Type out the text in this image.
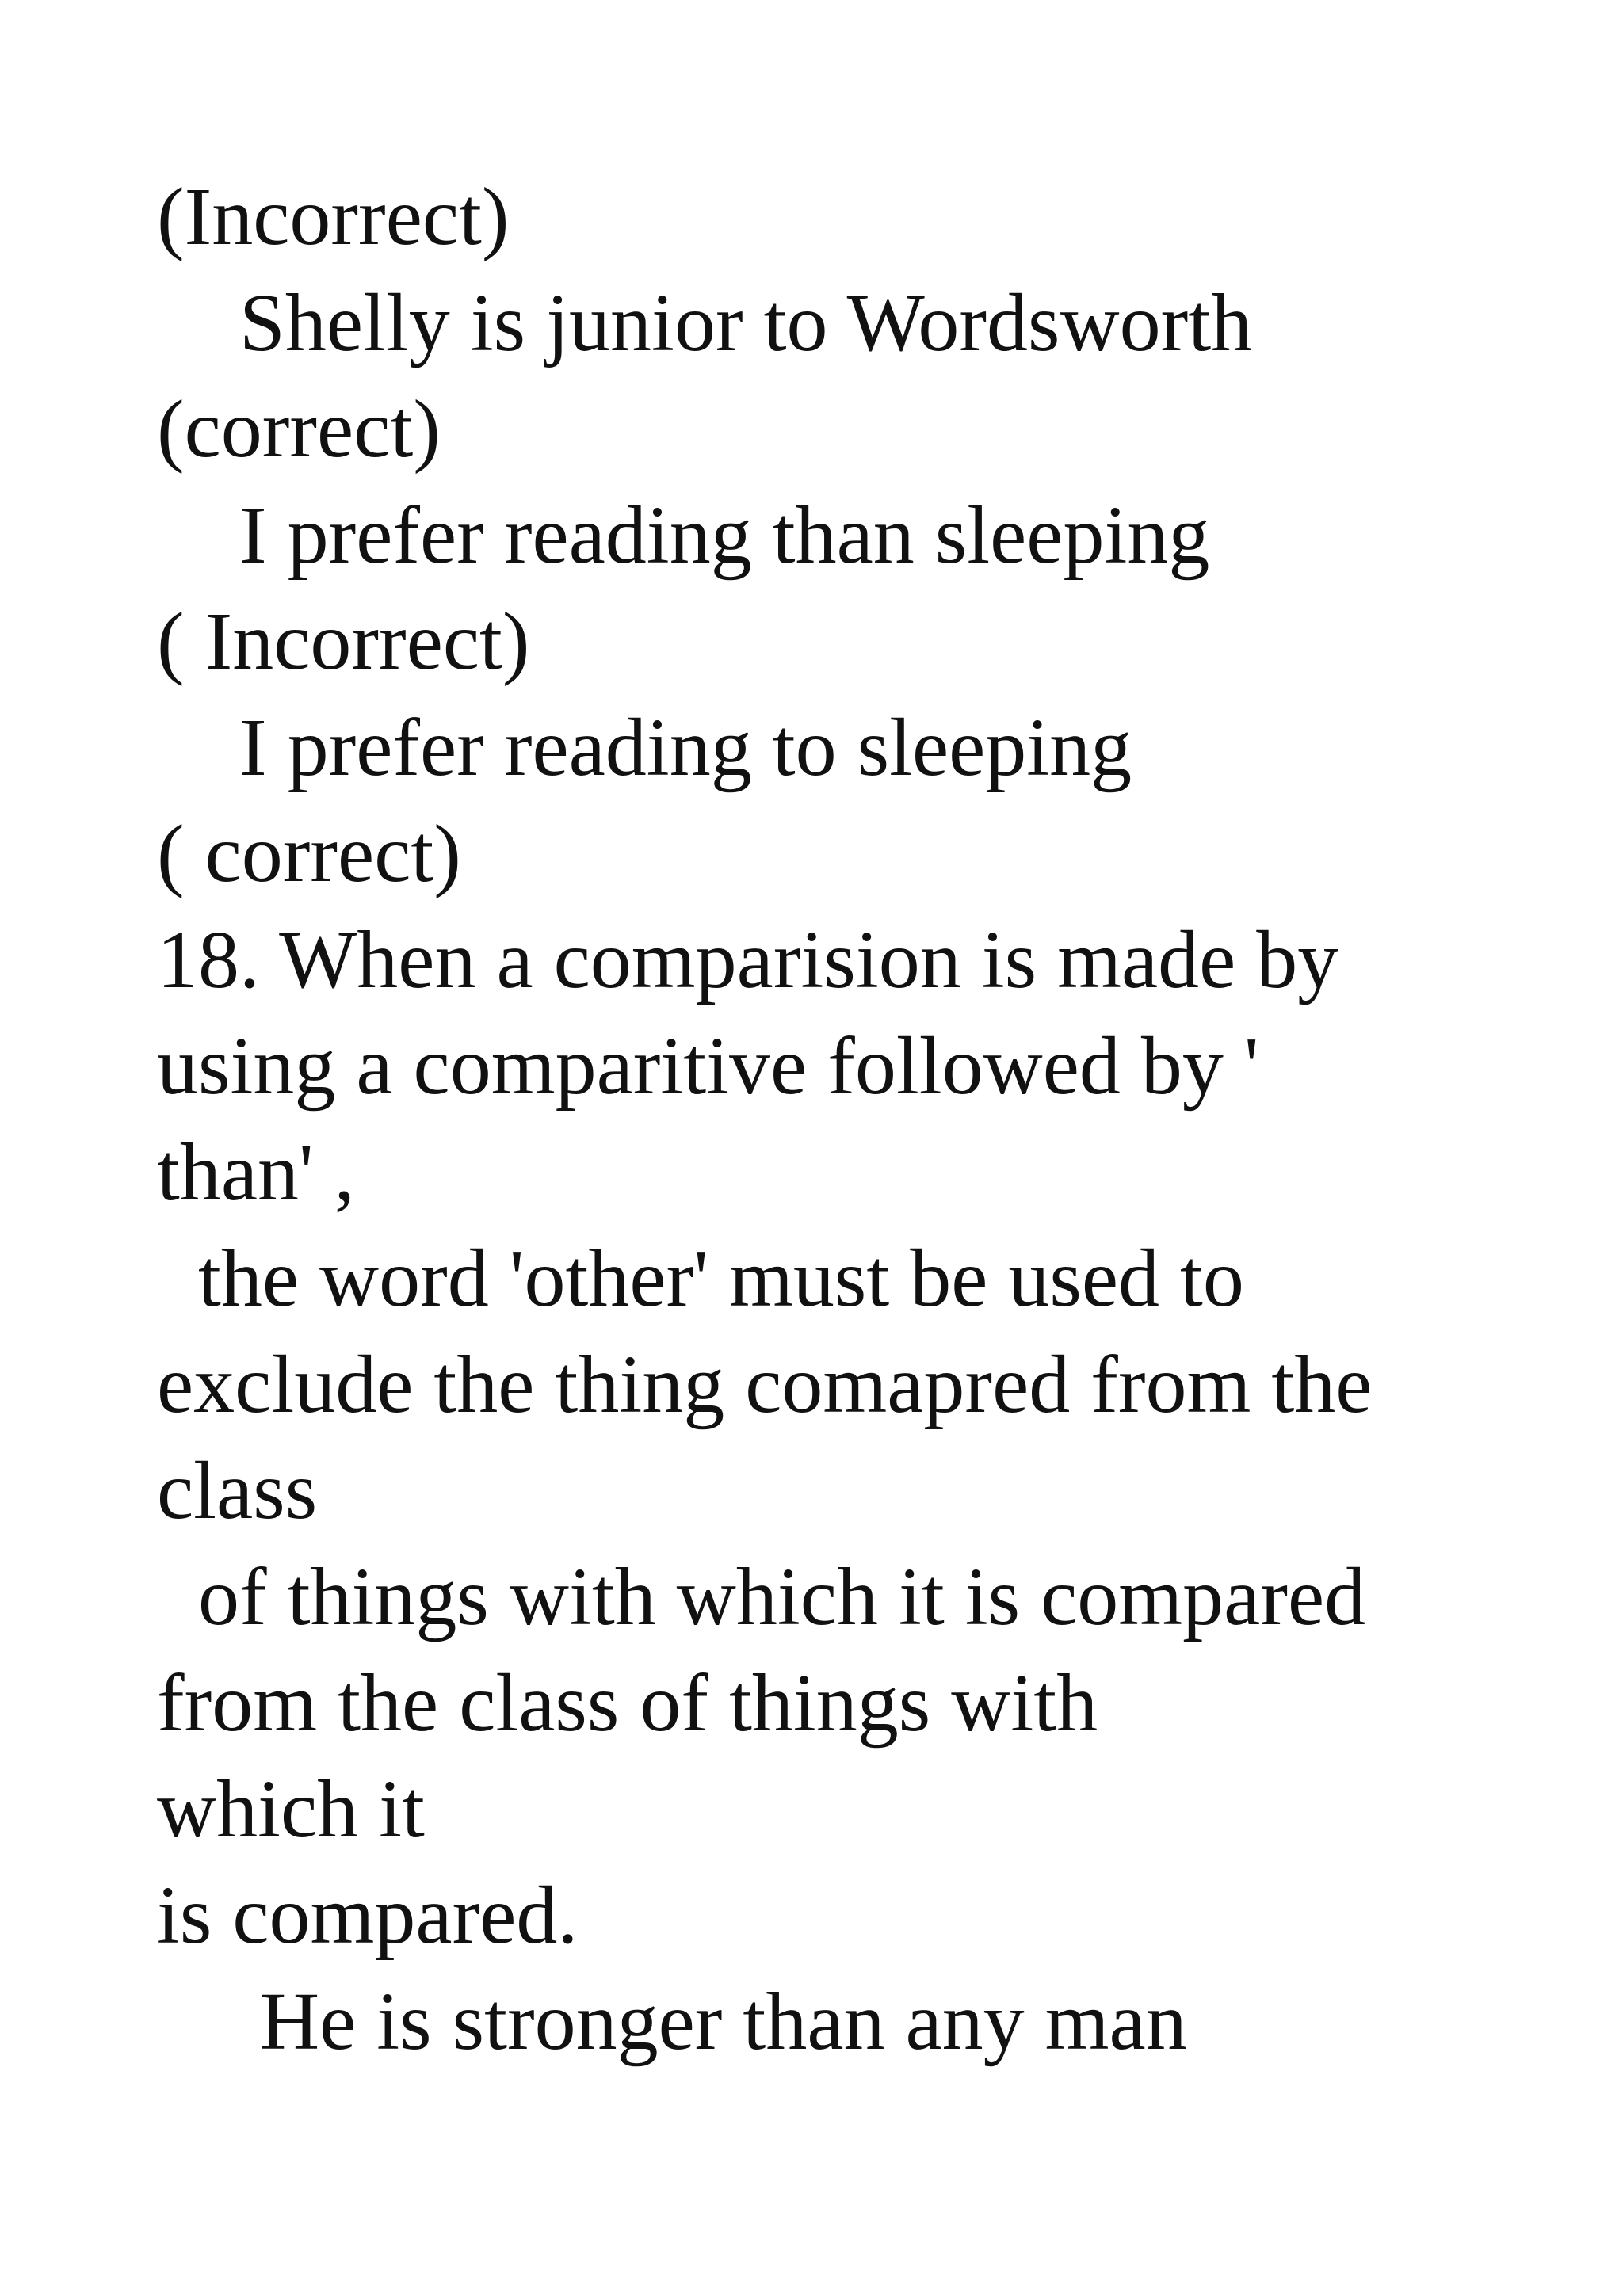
(Incorrect)

Shelly is junior to Wordsworth

(correct)

I prefer reading than sleeping

( Incorrect)

I prefer reading to sleeping

( correct)

18. When a comparision is made by

using a comparitive followed by '

than' ,

the word 'other' must be used to

exclude the thing comapred from the

class

of things with which it is compared

from the class of things with

which it

is compared.

He is stronger than any man
